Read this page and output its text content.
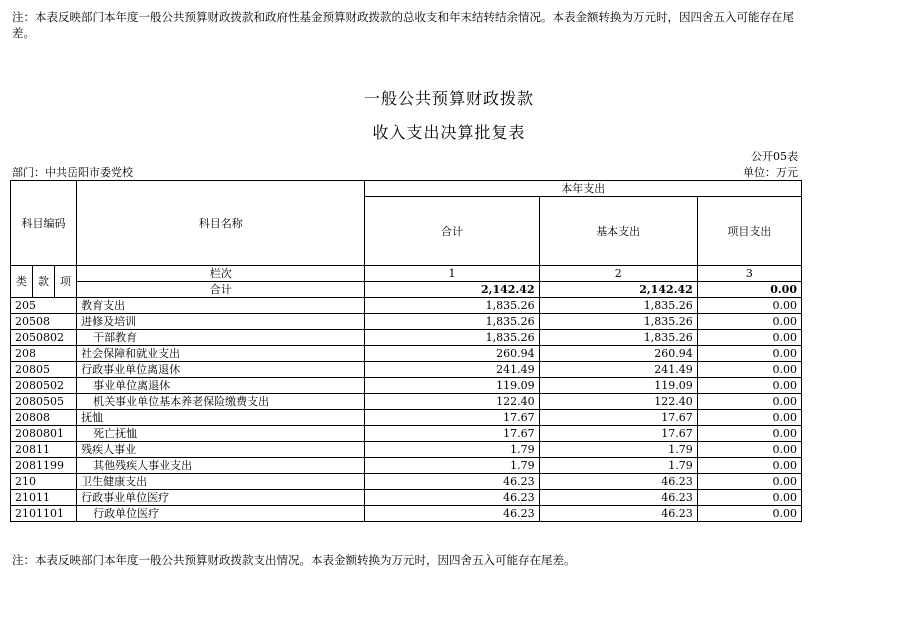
注：本表反映部门本年度一般公共预算财政拨款和政府性基金预算财政拨款的总收支和年末结转结余情况。本表金额转换为万元时，因四舍五入可能存在尾差。
一般公共预算财政拨款
收入支出决算批复表
公开05表
部门：中共岳阳市委党校	单位：万元
科目编码			科目名称	本年支出		
				合计	基本支出	项目支出

类	款	项	栏次	1	2	3
			合计	2,142.42	2,142.42	0.00
205			教育支出	1,835.26	1,835.26	0.00
20508			进修及培训	1,835.26	1,835.26	0.00
2050802			干部教育	1,835.26	1,835.26	0.00
208			社会保障和就业支出	260.94	260.94	0.00
20805			行政事业单位离退休	241.49	241.49	0.00
2080502			事业单位离退休	119.09	119.09	0.00
2080505			机关事业单位基本养老保险缴费支出	122.40	122.40	0.00
20808			抚恤	17.67	17.67	0.00
2080801			死亡抚恤	17.67	17.67	0.00
20811			残疾人事业	1.79	1.79	0.00
2081199			其他残疾人事业支出	1.79	1.79	0.00
210			卫生健康支出	46.23	46.23	0.00
21011			行政事业单位医疗	46.23	46.23	0.00
2101101			行政单位医疗	46.23	46.23	0.00
注：本表反映部门本年度一般公共预算财政拨款支出情况。本表金额转换为万元时，因四舍五入可能存在尾差。
